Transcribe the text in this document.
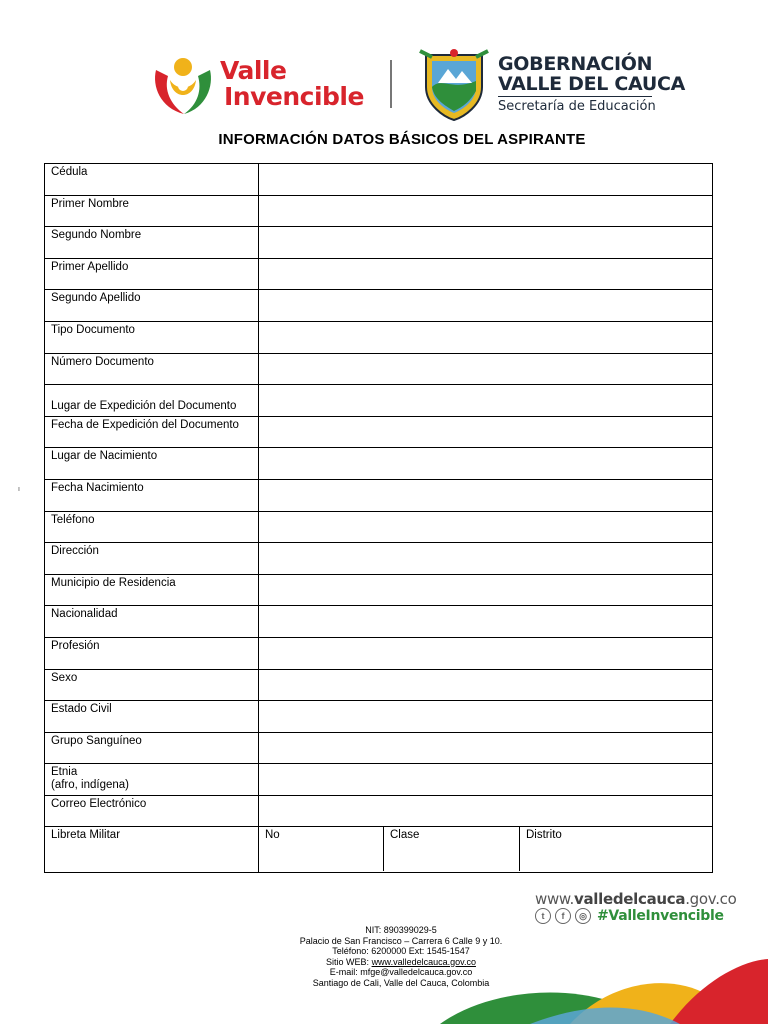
Valle
Invencible
GOBERNACIÓN
VALLE DEL CAUCA
Secretaría de Educación
INFORMACIÓN DATOS BÁSICOS DEL ASPIRANTE
Cédula	
Primer Nombre	
Segundo Nombre	
Primer Apellido	
Segundo Apellido	
Tipo Documento	
Número Documento	
Lugar de Expedición del Documento	
Fecha de Expedición del Documento	
Lugar de Nacimiento	
Fecha Nacimiento	
Teléfono	
Dirección	
Municipio de Residencia	
Nacionalidad	
Profesión	
Sexo	
Estado Civil	
Grupo Sanguíneo	
Etnia
(afro, indígena)	
Correo Electrónico	
Libreta Militar	No Clase Distrito
ı
www.valledelcauca.gov.co
t	f	◎ #ValleInvencible
NIT: 890399029-5
Palacio de San Francisco – Carrera 6 Calle 9 y 10.
Teléfono: 6200000 Ext: 1545-1547
Sitio WEB: www.valledelcauca.gov.co
E-mail: mfge@valledelcauca.gov.co
Santiago de Cali, Valle del Cauca, Colombia
